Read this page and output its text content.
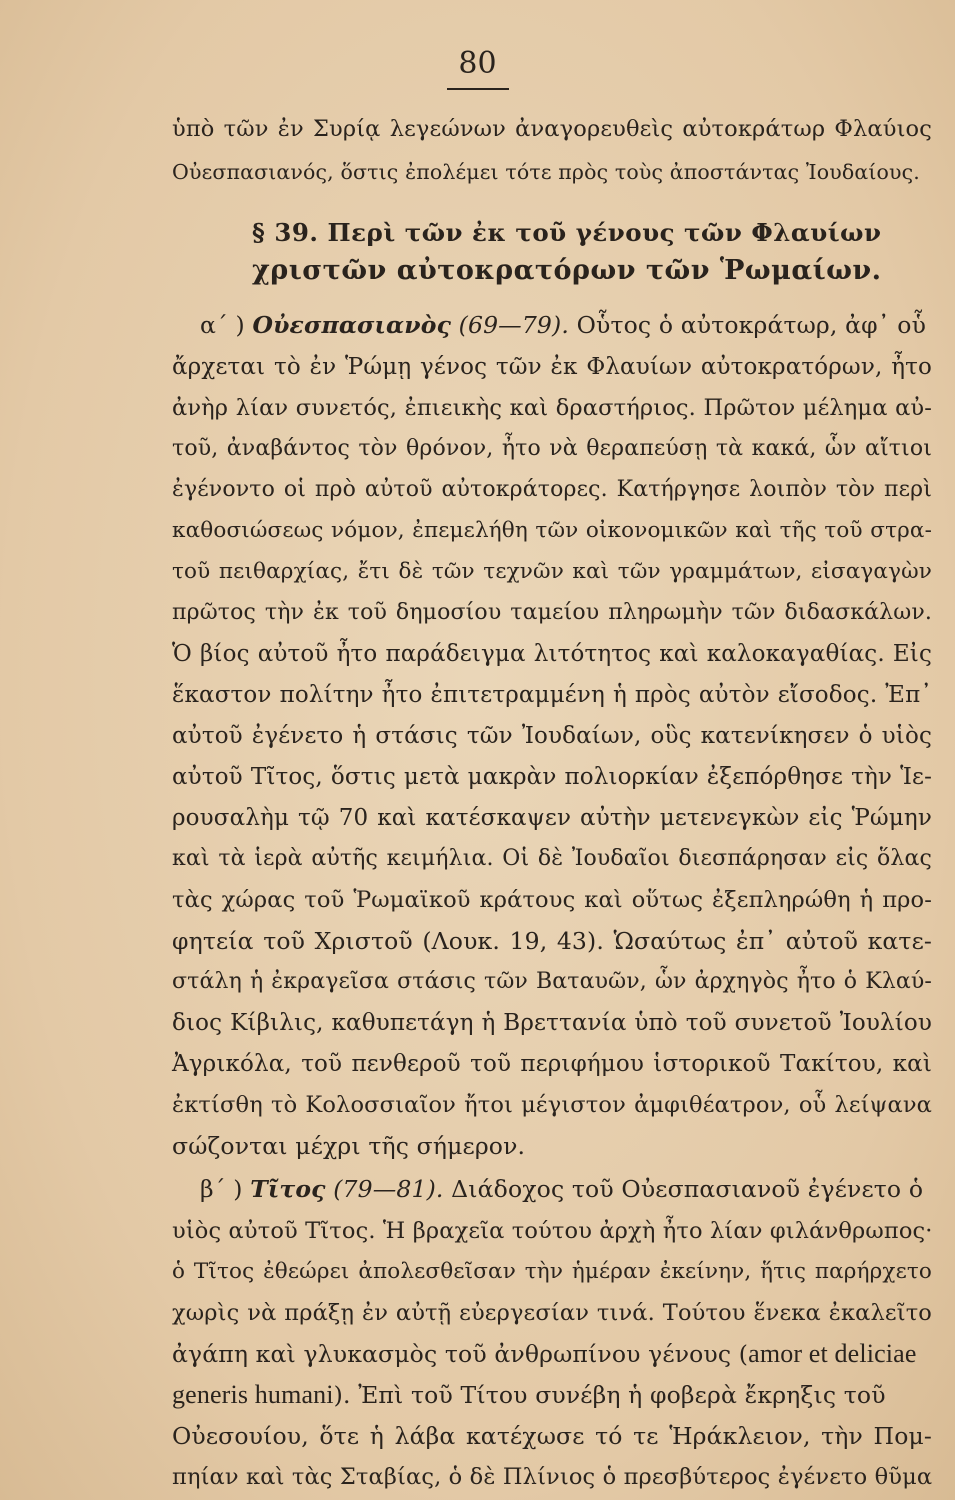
80
ὑπὸ τῶν ἐν Συρίᾳ λεγεώνων ἀναγορευθεὶς αὐτοκράτωρ Φλαύιος
Οὐεσπασιανός, ὅστις ἐπολέμει τότε πρὸς τοὺς ἀποστάντας Ἰουδαίους.
§ 39. Περὶ τῶν ἐκ τοῦ γένους τῶν Φλαυίων
χριστῶν αὐτοκρατόρων τῶν Ῥωμαίων.
α΄ ) Οὐεσπασιανὸς (69—79). Οὗτος ὁ αὐτοκράτωρ, ἀφ᾽ οὗ
ἄρχεται τὸ ἐν Ῥώμῃ γένος τῶν ἐκ Φλαυίων αὐτοκρατόρων, ἦτο
ἀνὴρ λίαν συνετός, ἐπιεικὴς καὶ δραστήριος. Πρῶτον μέλημα αὐ-
τοῦ, ἀναβάντος τὸν θρόνον, ἦτο νὰ θεραπεύσῃ τὰ κακά, ὧν αἴτιοι
ἐγένοντο οἱ πρὸ αὐτοῦ αὐτοκράτορες. Κατήργησε λοιπὸν τὸν περὶ
καθοσιώσεως νόμον, ἐπεμελήθη τῶν οἰκονομικῶν καὶ τῆς τοῦ στρα-
τοῦ πειθαρχίας, ἔτι δὲ τῶν τεχνῶν καὶ τῶν γραμμάτων, εἰσαγαγὼν
πρῶτος τὴν ἐκ τοῦ δημοσίου ταμείου πληρωμὴν τῶν διδασκάλων.
Ὁ βίος αὐτοῦ ἦτο παράδειγμα λιτότητος καὶ καλοκαγαθίας. Εἰς
ἕκαστον πολίτην ἦτο ἐπιτετραμμένη ἡ πρὸς αὐτὸν εἴσοδος. Ἐπ᾽
αὐτοῦ ἐγένετο ἡ στάσις τῶν Ἰουδαίων, οὓς κατενίκησεν ὁ υἱὸς
αὐτοῦ Τῖτος, ὅστις μετὰ μακρὰν πολιορκίαν ἐξεπόρθησε τὴν Ἱε-
ρουσαλὴμ τῷ 70 καὶ κατέσκαψεν αὐτὴν μετενεγκὼν εἰς Ῥώμην
καὶ τὰ ἱερὰ αὐτῆς κειμήλια. Οἱ δὲ Ἰουδαῖοι διεσπάρησαν εἰς ὅλας
τὰς χώρας τοῦ Ῥωμαϊκοῦ κράτους καὶ οὕτως ἐξεπληρώθη ἡ προ-
φητεία τοῦ Χριστοῦ (Λουκ. 19, 43). Ὡσαύτως ἐπ᾽ αὐτοῦ κατε-
στάλη ἡ ἐκραγεῖσα στάσις τῶν Βαταυῶν, ὧν ἀρχηγὸς ἦτο ὁ Κλαύ-
διος Κίβιλις, καθυπετάγη ἡ Βρεττανία ὑπὸ τοῦ συνετοῦ Ἰουλίου
Ἀγρικόλα, τοῦ πενθεροῦ τοῦ περιφήμου ἱστορικοῦ Τακίτου, καὶ
ἐκτίσθη τὸ Κολοσσιαῖον ἤτοι μέγιστον ἀμφιθέατρον, οὗ λείψανα
σώζονται μέχρι τῆς σήμερον.
β΄ ) Τῖτος (79—81). Διάδοχος τοῦ Οὐεσπασιανοῦ ἐγένετο ὁ
υἱὸς αὐτοῦ Τῖτος. Ἡ βραχεῖα τούτου ἀρχὴ ἦτο λίαν φιλάνθρωπος·
ὁ Τῖτος ἐθεώρει ἀπολεσθεῖσαν τὴν ἡμέραν ἐκείνην, ἥτις παρήρχετο
χωρὶς νὰ πράξῃ ἐν αὐτῇ εὐεργεσίαν τινά. Τούτου ἕνεκα ἐκαλεῖτο
ἀγάπη καὶ γλυκασμὸς τοῦ ἀνθρωπίνου γένους (amor et deliciae
generis humani). Ἐπὶ τοῦ Τίτου συνέβη ἡ φοβερὰ ἔκρηξις τοῦ
Οὐεσουίου, ὅτε ἡ λάβα κατέχωσε τό τε Ἡράκλειον, τὴν Πομ-
πηίαν καὶ τὰς Σταβίας, ὁ δὲ Πλίνιος ὁ πρεσβύτερος ἐγένετο θῦμα
